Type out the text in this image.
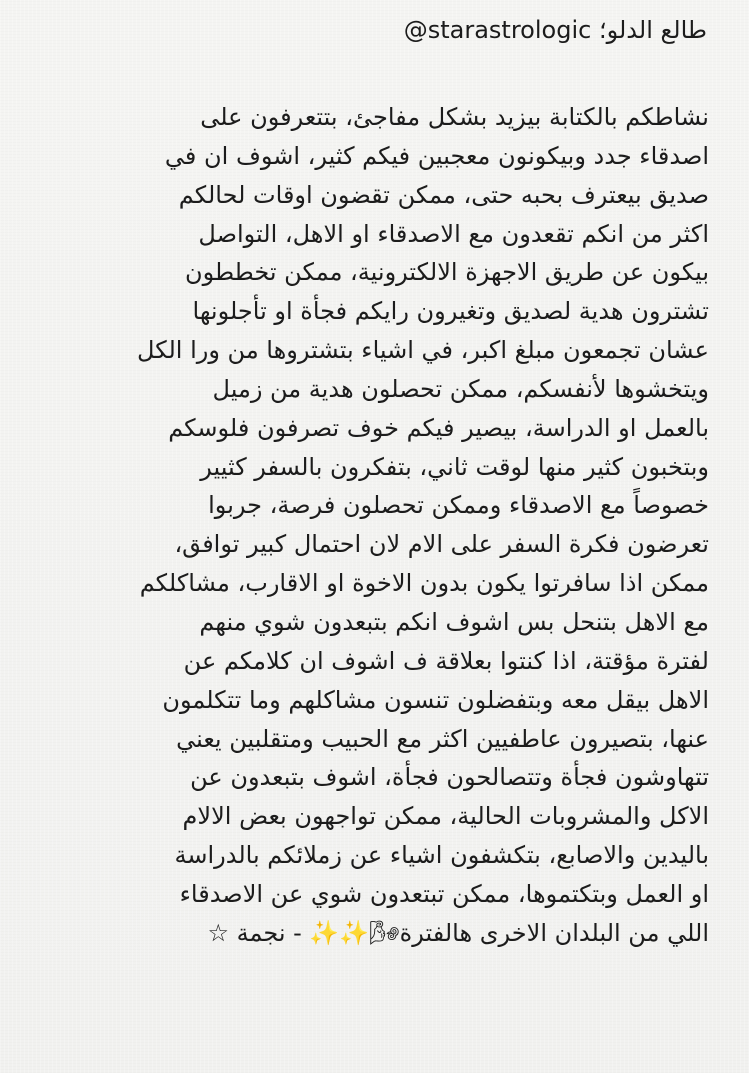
طالع الدلو؛ @starastrologic
نشاطكم بالكتابة بيزيد بشكل مفاجئ، بتتعرفون على
اصدقاء جدد وبيكونون معجبين فيكم كثير، اشوف ان في
صديق بيعترف بحبه حتى، ممكن تقضون اوقات لحالكم
اكثر من انكم تقعدون مع الاصدقاء او الاهل، التواصل
بيكون عن طريق الاجهزة الالكترونية، ممكن تخططون
تشترون هدية لصديق وتغيرون رايكم فجأة او تأجلونها
عشان تجمعون مبلغ اكبر، في اشياء بتشتروها من ورا الكل
ويتخشوها لأنفسكم، ممكن تحصلون هدية من زميل
بالعمل او الدراسة، بيصير فيكم خوف تصرفون فلوسكم
وبتخبون كثير منها لوقت ثاني، بتفكرون بالسفر كثيير
خصوصاً مع الاصدقاء وممكن تحصلون فرصة، جربوا
تعرضون فكرة السفر على الام لان احتمال كبير توافق،
ممكن اذا سافرتوا يكون بدون الاخوة او الاقارب، مشاكلكم
مع الاهل بتنحل بس اشوف انكم بتبعدون شوي منهم
لفترة مؤقتة، اذا كنتوا بعلاقة ف اشوف ان كلامكم عن
الاهل بيقل معه وبتفضلون تنسون مشاكلهم وما تتكلمون
عنها، بتصيرون عاطفيين اكثر مع الحبيب ومتقلبين يعني
تتهاوشون فجأة وتتصالحون فجأة، اشوف بتبعدون عن
الاكل والمشروبات الحالية، ممكن تواجهون بعض الالام
باليدين والاصابع، بتكشفون اشياء عن زملائكم بالدراسة
او العمل وبتكتموها، ممكن تبتعدون شوي عن الاصدقاء
اللي من البلدان الاخرى هالفترة🌬✨✨ - نجمة ☆
